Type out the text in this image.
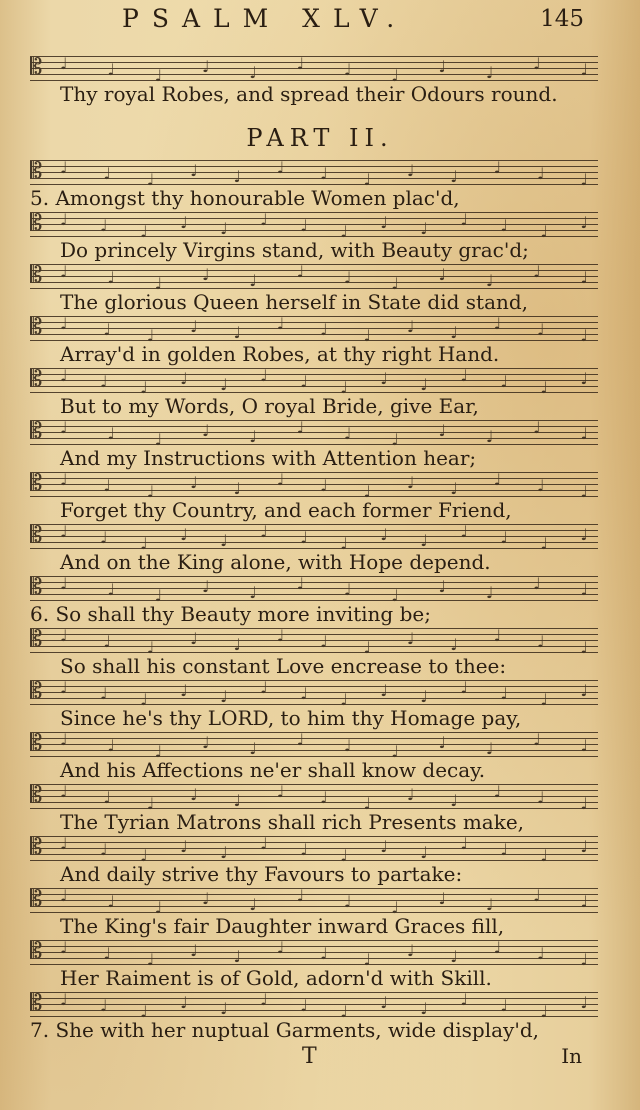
PSALM XLV.	145
𝄡 ♩ ♩ ♩ ♩ ♩ ♩ ♩ ♩ ♩ ♩ ♩ ♩
Thy royal Robes, and spread their Odours round.
PART II.
𝄡 ♩ ♩ ♩ ♩ ♩ ♩ ♩ ♩ ♩ ♩ ♩ ♩ ♩
5. Amongst thy honourable Women plac'd,
𝄡 ♩ ♩ ♩ ♩ ♩ ♩ ♩ ♩ ♩ ♩ ♩ ♩ ♩ ♩
Do princely Virgins stand, with Beauty grac'd;
𝄡 ♩ ♩ ♩ ♩ ♩ ♩ ♩ ♩ ♩ ♩ ♩ ♩
The glorious Queen herself in State did stand,
𝄡 ♩ ♩ ♩ ♩ ♩ ♩ ♩ ♩ ♩ ♩ ♩ ♩ ♩
Array'd in golden Robes, at thy right Hand.
𝄡 ♩ ♩ ♩ ♩ ♩ ♩ ♩ ♩ ♩ ♩ ♩ ♩ ♩ ♩
But to my Words, O royal Bride, give Ear,
𝄡 ♩ ♩ ♩ ♩ ♩ ♩ ♩ ♩ ♩ ♩ ♩ ♩
And my Instructions with Attention hear;
𝄡 ♩ ♩ ♩ ♩ ♩ ♩ ♩ ♩ ♩ ♩ ♩ ♩ ♩
Forget thy Country, and each former Friend,
𝄡 ♩ ♩ ♩ ♩ ♩ ♩ ♩ ♩ ♩ ♩ ♩ ♩ ♩ ♩
And on the King alone, with Hope depend.
𝄡 ♩ ♩ ♩ ♩ ♩ ♩ ♩ ♩ ♩ ♩ ♩ ♩
6. So shall thy Beauty more inviting be;
𝄡 ♩ ♩ ♩ ♩ ♩ ♩ ♩ ♩ ♩ ♩ ♩ ♩ ♩
So shall his constant Love encrease to thee:
𝄡 ♩ ♩ ♩ ♩ ♩ ♩ ♩ ♩ ♩ ♩ ♩ ♩ ♩ ♩
Since he's thy LORD, to him thy Homage pay,
𝄡 ♩ ♩ ♩ ♩ ♩ ♩ ♩ ♩ ♩ ♩ ♩ ♩
And his Affections ne'er shall know decay.
𝄡 ♩ ♩ ♩ ♩ ♩ ♩ ♩ ♩ ♩ ♩ ♩ ♩ ♩
The Tyrian Matrons shall rich Presents make,
𝄡 ♩ ♩ ♩ ♩ ♩ ♩ ♩ ♩ ♩ ♩ ♩ ♩ ♩ ♩
And daily strive thy Favours to partake:
𝄡 ♩ ♩ ♩ ♩ ♩ ♩ ♩ ♩ ♩ ♩ ♩ ♩
The King's fair Daughter inward Graces fill,
𝄡 ♩ ♩ ♩ ♩ ♩ ♩ ♩ ♩ ♩ ♩ ♩ ♩ ♩
Her Raiment is of Gold, adorn'd with Skill.
𝄡 ♩ ♩ ♩ ♩ ♩ ♩ ♩ ♩ ♩ ♩ ♩ ♩ ♩ ♩
7. She with her nuptual Garments, wide display'd,
T	In
